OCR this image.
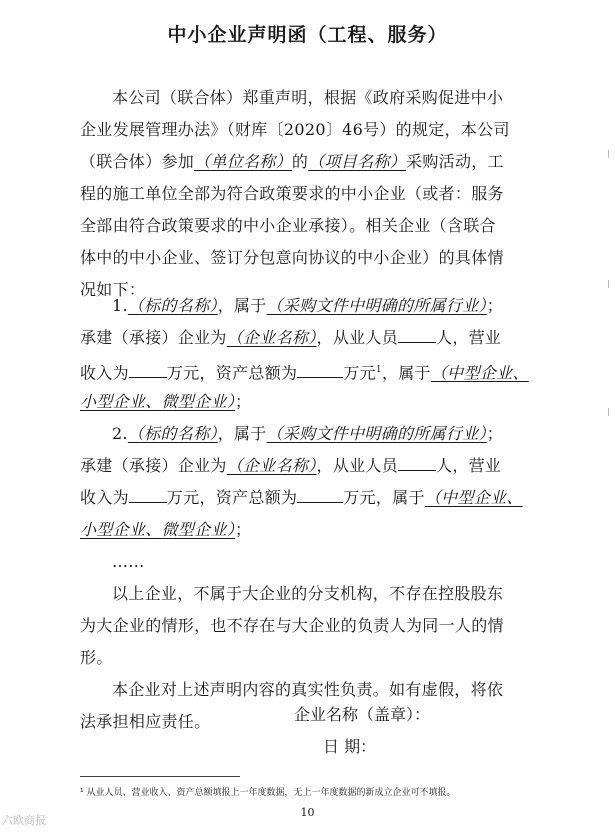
中小企业声明函（工程、服务）
本公司（联合体）郑重声明，根据《政府采购促进中小
企业发展管理办法》（财库〔2020〕46号）的规定，本公司
（联合体）参加（单位名称）的（项目名称）采购活动，工
程的施工单位全部为符合政策要求的中小企业（或者：服务
全部由符合政策要求的中小企业承接）。相关企业（含联合
体中的中小企业、签订分包意向协议的中小企业）的具体情
况如下：
1.（标的名称），属于（采购文件中明确的所属行业）；
承建（承接）企业为（企业名称），从业人员 人，营业
收入为 万元，资产总额为	万元$^1$，属于（中型企业、
小型企业、微型企业）；
2.（标的名称），属于（采购文件中明确的所属行业）；
承建（承接）企业为（企业名称），从业人员 人，营业
收入为 万元，资产总额为	万元，属于（中型企业、
小型企业、微型企业）；
……
以上企业，不属于大企业的分支机构，不存在控股股东
为大企业的情形，也不存在与大企业的负责人为同一人的情
形。
本企业对上述声明内容的真实性负责。如有虚假，将依
法承担相应责任。	企业名称（盖章）：
日 期：
¹ 从业人员、营业收入、资产总额填报上一年度数据，无上一年度数据的新成立企业可不填报。
10
六欧商报
